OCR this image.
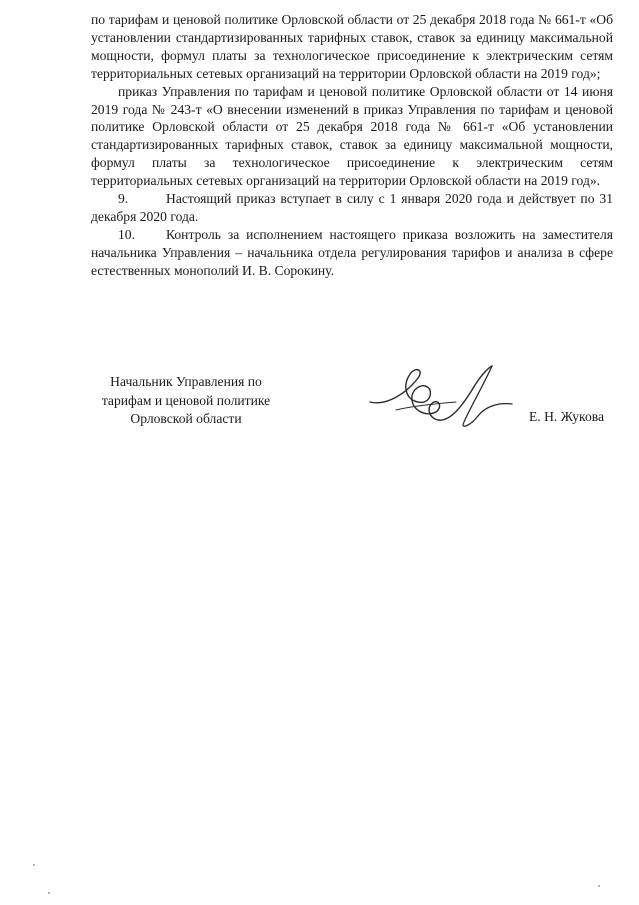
по тарифам и ценовой политике Орловской области от 25 декабря 2018 года № 661-т «Об установлении стандартизированных тарифных ставок, ставок за единицу максимальной мощности, формул платы за технологическое присоединение к электрическим сетям территориальных сетевых организаций на территории Орловской области на 2019 год»;

приказ Управления по тарифам и ценовой политике Орловской области от 14 июня 2019 года № 243-т «О внесении изменений в приказ Управления по тарифам и ценовой политике Орловской области от 25 декабря 2018 года № 661-т «Об установлении стандартизированных тарифных ставок, ставок за единицу максимальной мощности, формул платы за технологическое присоединение к электрическим сетям территориальных сетевых организаций на территории Орловской области на 2019 год».

9.	Настоящий приказ вступает в силу с 1 января 2020 года и действует по 31 декабря 2020 года.

10. Контроль за исполнением настоящего приказа возложить на заместителя начальника Управления – начальника отдела регулирования тарифов и анализа в сфере естественных монополий И. В. Сорокину.

Начальник Управления по
тарифам и ценовой политике
Орловской области	Е. Н. Жукова
